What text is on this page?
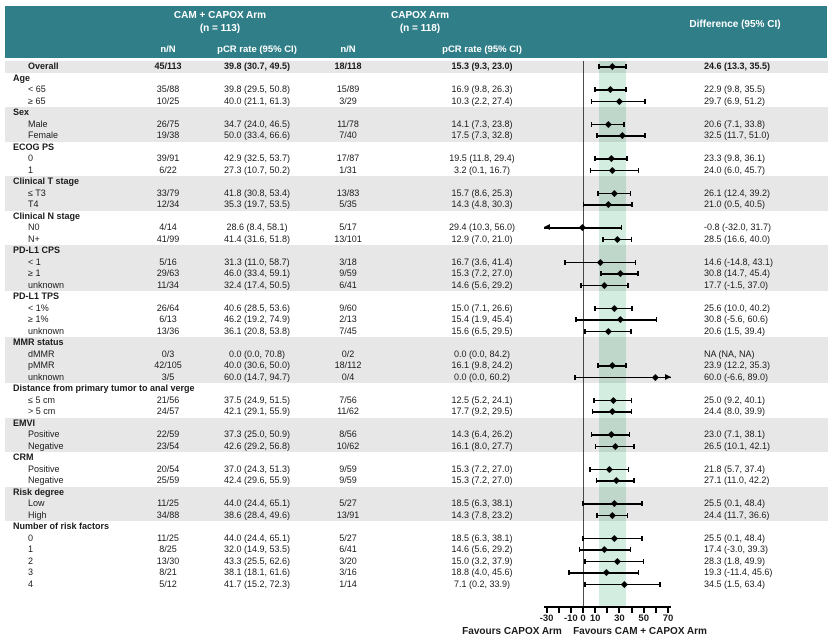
CAM + CAPOX Arm
(n = 113)
CAPOX Arm
(n = 118)	Difference (95% CI)
n/N	pCR rate (95% CI)	n/N	pCR rate (95% CI)
Overall	45/113	39.8 (30.7, 49.5)	18/118	15.3 (9.3, 23.0)	24.6 (13.3, 35.5)
Age
< 65	35/88	39.8 (29.5, 50.8)	15/89	16.9 (9.8, 26.3)	22.9 (9.8, 35.5)
≥ 65	10/25	40.0 (21.1, 61.3)	3/29	10.3 (2.2, 27.4)	29.7 (6.9, 51.2)
Sex
Male	26/75	34.7 (24.0, 46.5)	11/78	14.1 (7.3, 23.8)	20.6 (7.1, 33.8)
Female	19/38	50.0 (33.4, 66.6)	7/40	17.5 (7.3, 32.8)	32.5 (11.7, 51.0)
ECOG PS
0	39/91	42.9 (32.5, 53.7)	17/87	19.5 (11.8, 29.4)	23.3 (9.8, 36.1)
1	6/22	27.3 (10.7, 50.2)	1/31	3.2 (0.1, 16.7)	24.0 (6.0, 45.7)
Clinical T stage
≤ T3	33/79	41.8 (30.8, 53.4)	13/83	15.7 (8.6, 25.3)	26.1 (12.4, 39.2)
T4	12/34	35.3 (19.7, 53.5)	5/35	14.3 (4.8, 30.3)	21.0 (0.5, 40.5)
Clinical N stage
N0	4/14	28.6 (8.4, 58.1)	5/17	29.4 (10.3, 56.0)	-0.8 (-32.0, 31.7)
N+	41/99	41.4 (31.6, 51.8)	13/101	12.9 (7.0, 21.0)	28.5 (16.6, 40.0)
PD-L1 CPS
< 1	5/16	31.3 (11.0, 58.7)	3/18	16.7 (3.6, 41.4)	14.6 (-14.8, 43.1)
≥ 1	29/63	46.0 (33.4, 59.1)	9/59	15.3 (7.2, 27.0)	30.8 (14.7, 45.4)
unknown	11/34	32.4 (17.4, 50.5)	6/41	14.6 (5.6, 29.2)	17.7 (-1.5, 37.0)
PD-L1 TPS
< 1%	26/64	40.6 (28.5, 53.6)	9/60	15.0 (7.1, 26.6)	25.6 (10.0, 40.2)
≥ 1%	6/13	46.2 (19.2, 74.9)	2/13	15.4 (1.9, 45.4)	30.8 (-5.6, 60.6)
unknown	13/36	36.1 (20.8, 53.8)	7/45	15.6 (6.5, 29.5)	20.6 (1.5, 39.4)
MMR status
dMMR	0/3	0.0 (0.0, 70.8)	0/2	0.0 (0.0, 84.2)	NA (NA, NA)
pMMR	42/105	40.0 (30.6, 50.0)	18/112	16.1 (9.8, 24.2)	23.9 (12.2, 35.3)
unknown	3/5	60.0 (14.7, 94.7)	0/4	0.0 (0.0, 60.2)	60.0 (-6.6, 89.0)
Distance from primary tumor to anal verge
≤ 5 cm	21/56	37.5 (24.9, 51.5)	7/56	12.5 (5.2, 24.1)	25.0 (9.2, 40.1)
> 5 cm	24/57	42.1 (29.1, 55.9)	11/62	17.7 (9.2, 29.5)	24.4 (8.0, 39.9)
EMVI
Positive	22/59	37.3 (25.0, 50.9)	8/56	14.3 (6.4, 26.2)	23.0 (7.1, 38.1)
Negative	23/54	42.6 (29.2, 56.8)	10/62	16.1 (8.0, 27.7)	26.5 (10.1, 42.1)
CRM
Positive	20/54	37.0 (24.3, 51.3)	9/59	15.3 (7.2, 27.0)	21.8 (5.7, 37.4)
Negative	25/59	42.4 (29.6, 55.9)	9/59	15.3 (7.2, 27.0)	27.1 (11.0, 42.2)
Risk degree
Low	11/25	44.0 (24.4, 65.1)	5/27	18.5 (6.3, 38.1)	25.5 (0.1, 48.4)
High	34/88	38.6 (28.4, 49.6)	13/91	14.3 (7.8, 23.2)	24.4 (11.7, 36.6)
Number of risk factors
0	11/25	44.0 (24.4, 65.1)	5/27	18.5 (6.3, 38.1)	25.5 (0.1, 48.4)
1	8/25	32.0 (14.9, 53.5)	6/41	14.6 (5.6, 29.2)	17.4 (-3.0, 39.3)
2	13/30	43.3 (25.5, 62.6)	3/20	15.0 (3.2, 37.9)	28.3 (1.8, 49.9)
3	8/21	38.1 (18.1, 61.6)	3/16	18.8 (4.0, 45.6)	19.3 (-11.4, 45.6)
4	5/12	41.7 (15.2, 72.3)	1/14	7.1 (0.2, 33.9)	34.5 (1.5, 63.4)
-30	-10 0 10	30	50	70
Favours CAPOX Arm	Favours CAM + CAPOX Arm
